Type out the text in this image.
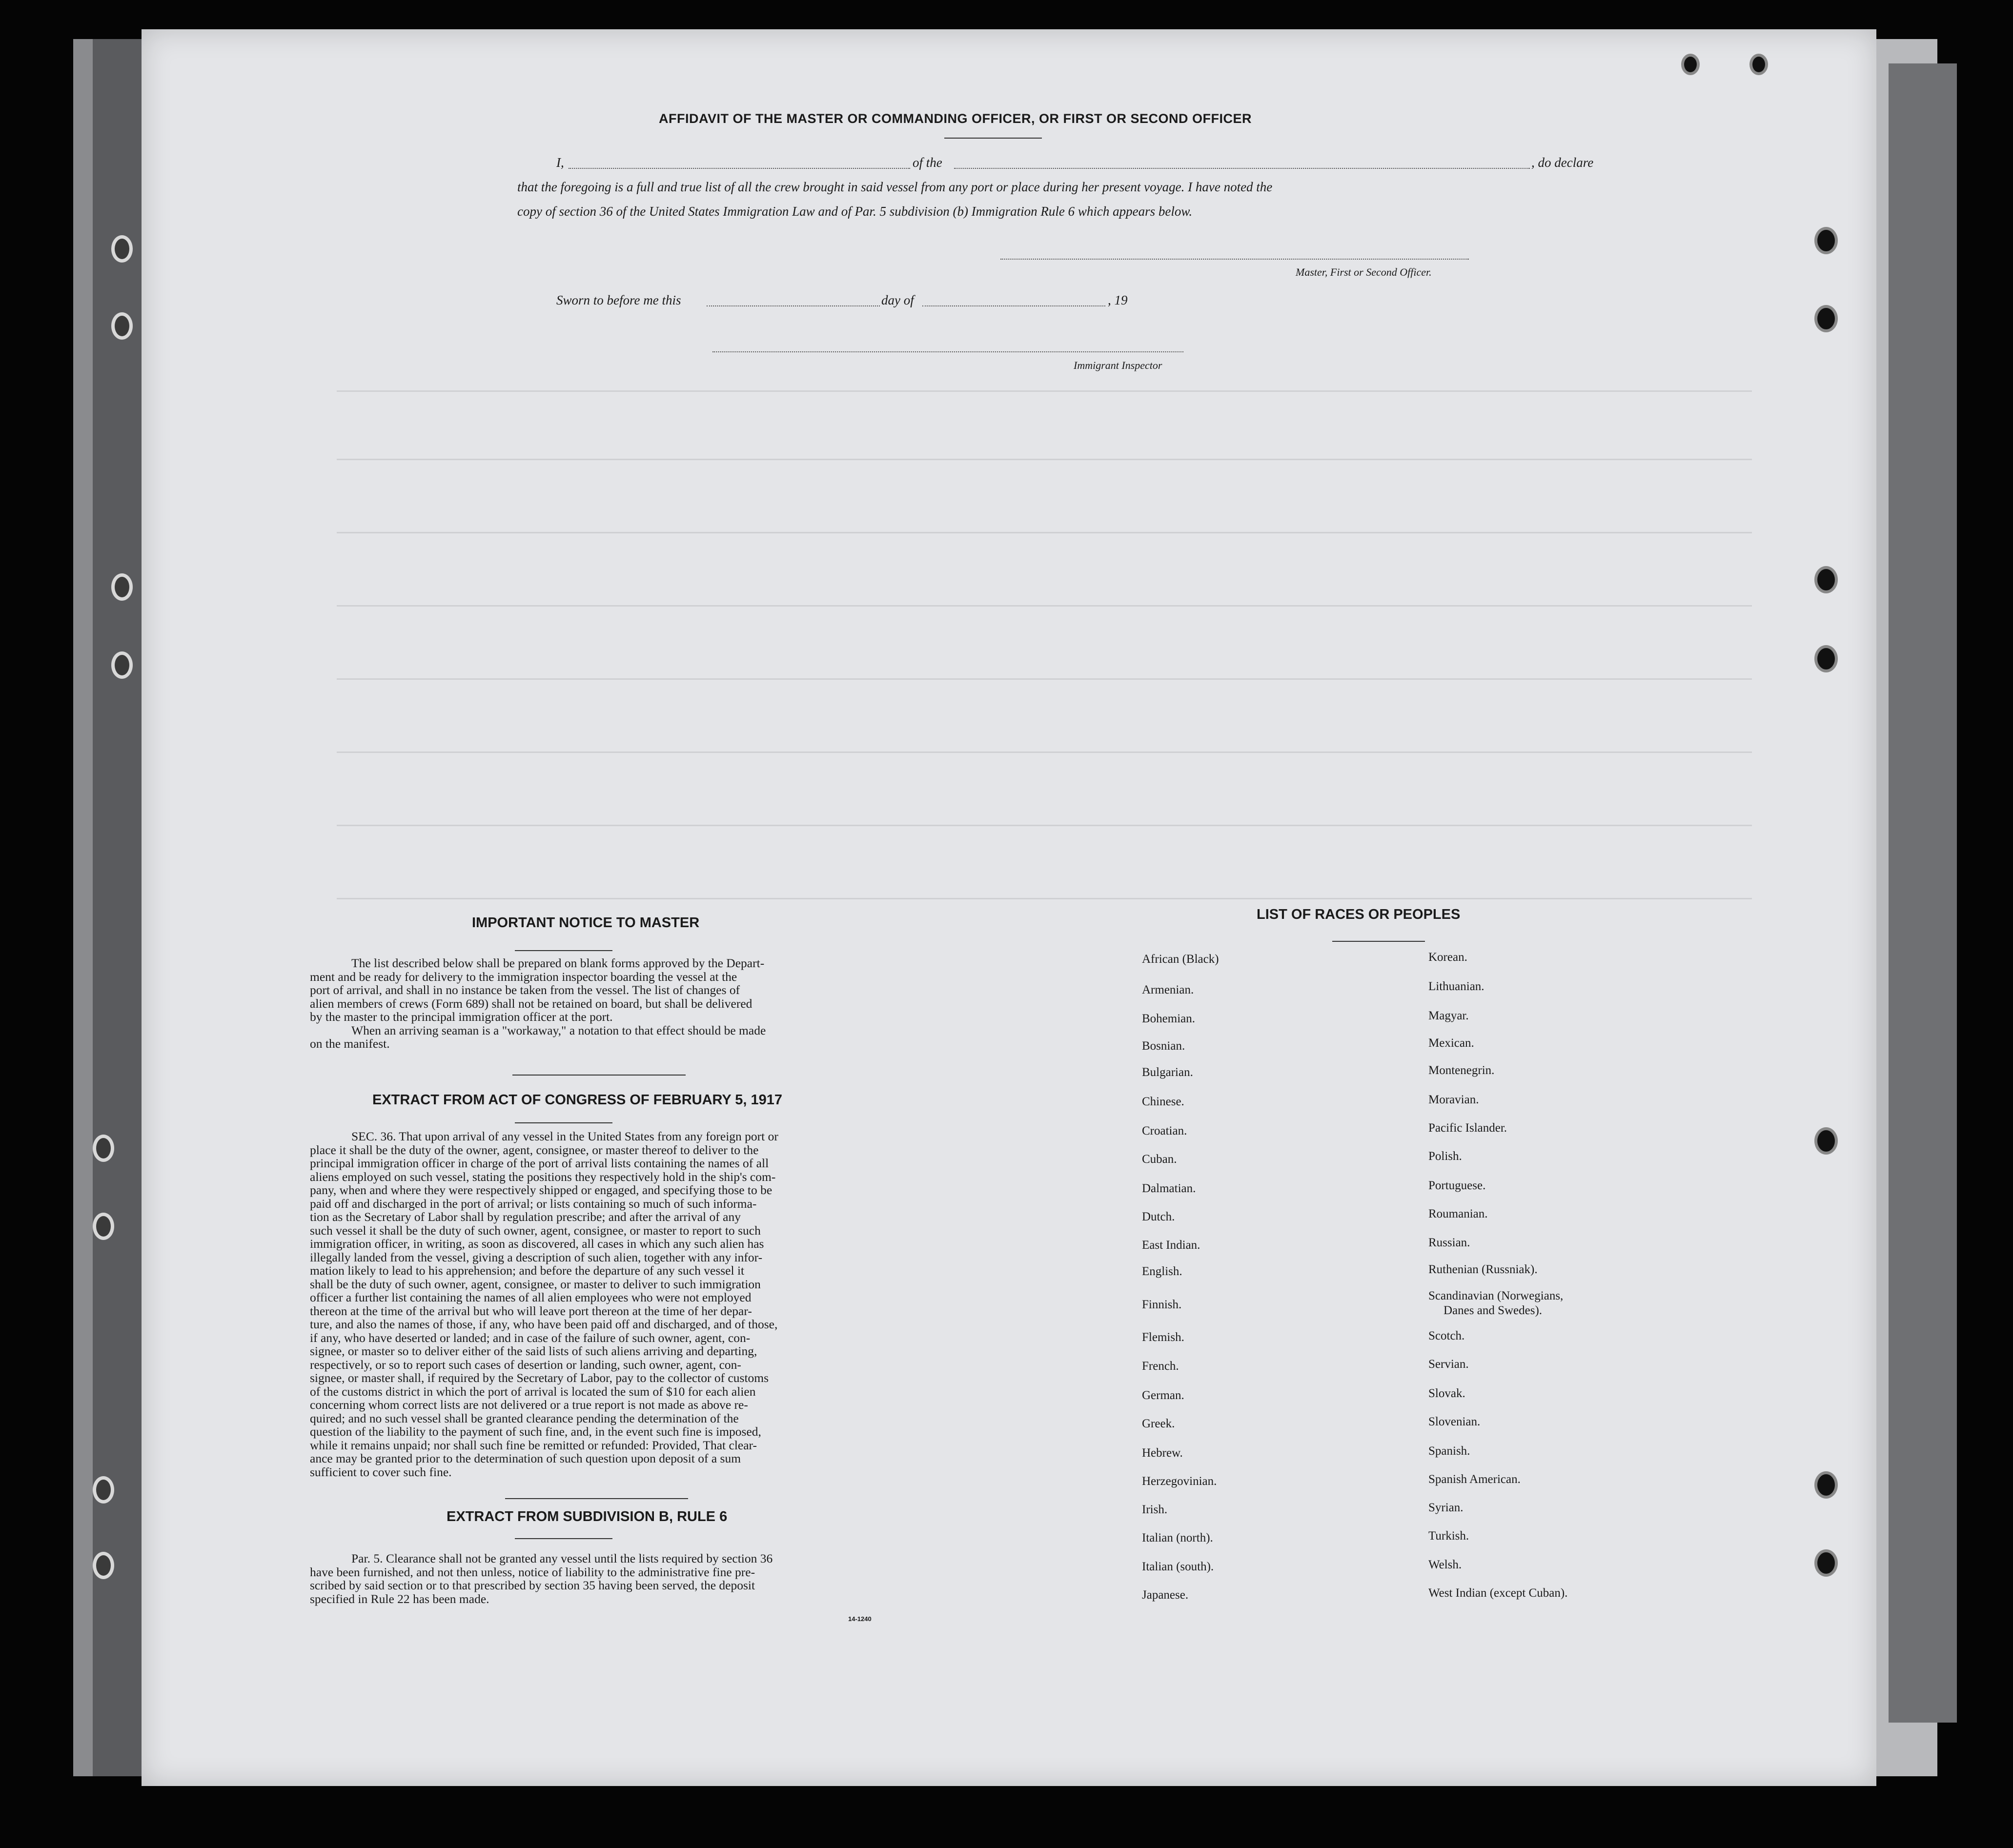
AFFIDAVIT OF THE MASTER OR COMMANDING OFFICER, OR FIRST OR SECOND OFFICER
I,	of the	, do declare
that the foregoing is a full and true list of all the crew brought in said vessel from any port or place during her present voyage. I have noted the
copy of section 36 of the United States Immigration Law and of Par. 5 subdivision (b) Immigration Rule 6 which appears below.
Master, First or Second Officer.
Sworn to before me this	day of	, 19
Immigrant Inspector
IMPORTANT NOTICE TO MASTER

The list described below shall be prepared on blank forms approved by the Depart-

ment and be ready for delivery to the immigration inspector boarding the vessel at the

port of arrival, and shall in no instance be taken from the vessel. The list of changes of

alien members of crews (Form 689) shall not be retained on board, but shall be delivered

by the master to the principal immigration officer at the port.

When an arriving seaman is a "workaway," a notation to that effect should be made

on the manifest.

EXTRACT FROM ACT OF CONGRESS OF FEBRUARY 5, 1917

SEC. 36. That upon arrival of any vessel in the United States from any foreign port or

place it shall be the duty of the owner, agent, consignee, or master thereof to deliver to the

principal immigration officer in charge of the port of arrival lists containing the names of all

aliens employed on such vessel, stating the positions they respectively hold in the ship's com-

pany, when and where they were respectively shipped or engaged, and specifying those to be

paid off and discharged in the port of arrival; or lists containing so much of such informa-

tion as the Secretary of Labor shall by regulation prescribe; and after the arrival of any

such vessel it shall be the duty of such owner, agent, consignee, or master to report to such

immigration officer, in writing, as soon as discovered, all cases in which any such alien has

illegally landed from the vessel, giving a description of such alien, together with any infor-

mation likely to lead to his apprehension; and before the departure of any such vessel it

shall be the duty of such owner, agent, consignee, or master to deliver to such immigration

officer a further list containing the names of all alien employees who were not employed

thereon at the time of the arrival but who will leave port thereon at the time of her depar-

ture, and also the names of those, if any, who have been paid off and discharged, and of those,

if any, who have deserted or landed; and in case of the failure of such owner, agent, con-

signee, or master so to deliver either of the said lists of such aliens arriving and departing,

respectively, or so to report such cases of desertion or landing, such owner, agent, con-

signee, or master shall, if required by the Secretary of Labor, pay to the collector of customs

of the customs district in which the port of arrival is located the sum of $10 for each alien

concerning whom correct lists are not delivered or a true report is not made as above re-

quired; and no such vessel shall be granted clearance pending the determination of the

question of the liability to the payment of such fine, and, in the event such fine is imposed,

while it remains unpaid; nor shall such fine be remitted or refunded: Provided, That clear-

ance may be granted prior to the determination of such question upon deposit of a sum

sufficient to cover such fine.

EXTRACT FROM SUBDIVISION B, RULE 6

Par. 5. Clearance shall not be granted any vessel until the lists required by section 36

have been furnished, and not then unless, notice of liability to the administrative fine pre-

scribed by said section or to that prescribed by section 35 having been served, the deposit

specified in Rule 22 has been made.

14-1240
LIST OF RACES OR PEOPLES
African (Black)
Armenian.
Bohemian.
Bosnian.
Bulgarian.
Chinese.
Croatian.
Cuban.
Dalmatian.
Dutch.
East Indian.
English.
Finnish.
Flemish.
French.
German.
Greek.
Hebrew.
Herzegovinian.
Irish.
Italian (north).
Italian (south).
Japanese.
Korean.
Lithuanian.
Magyar.
Mexican.
Montenegrin.
Moravian.
Pacific Islander.
Polish.
Portuguese.
Roumanian.
Russian.
Ruthenian (Russniak).
Scandinavian (Norwegians,
Danes and Swedes).
Scotch.
Servian.
Slovak.
Slovenian.
Spanish.
Spanish American.
Syrian.
Turkish.
Welsh.
West Indian (except Cuban).
